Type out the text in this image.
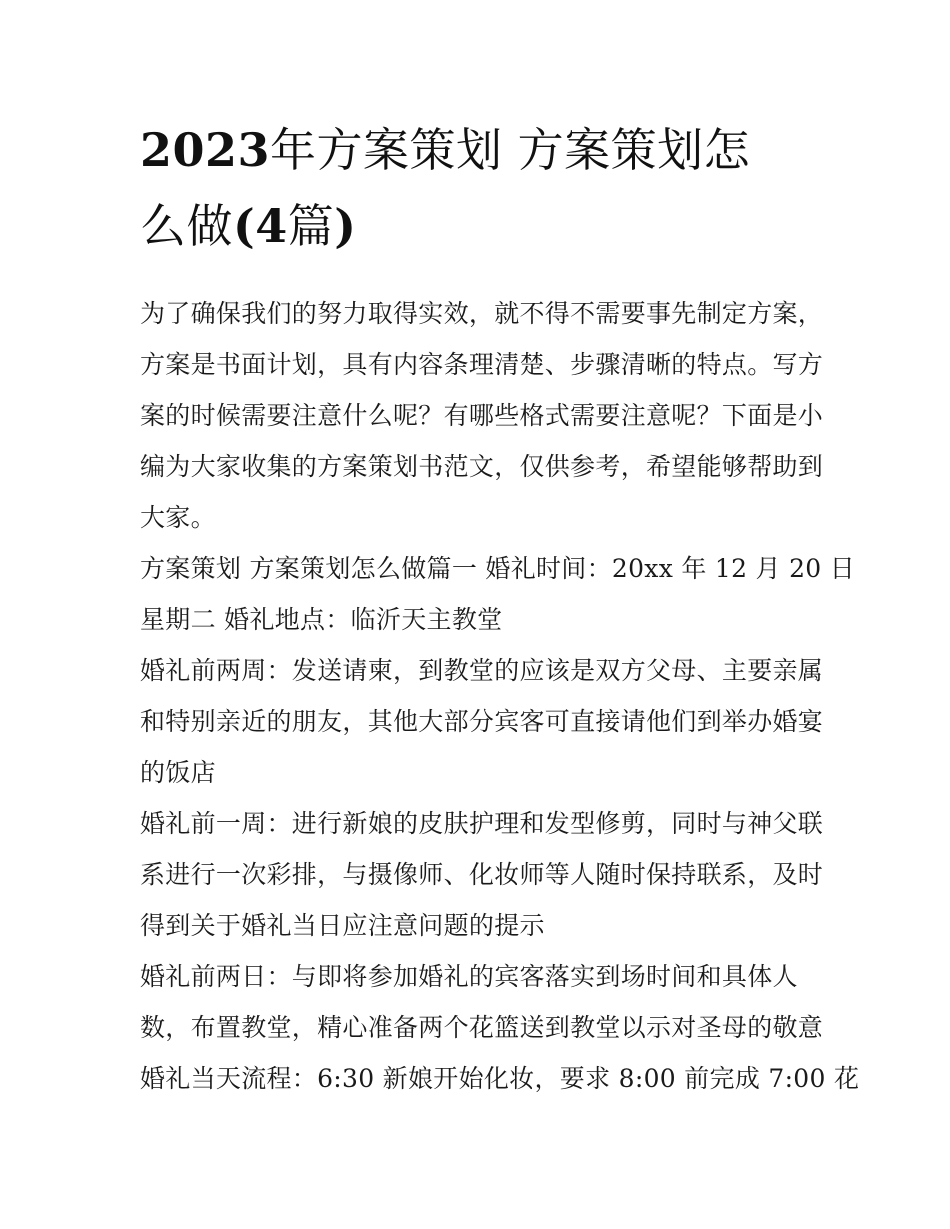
2023年方案策划 方案策划怎
么做(4篇)

为了确保我们的努力取得实效，就不得不需要事先制定方案，
方案是书面计划，具有内容条理清楚、步骤清晰的特点。写方
案的时候需要注意什么呢？有哪些格式需要注意呢？下面是小
编为大家收集的方案策划书范文，仅供参考，希望能够帮助到
大家。

方案策划 方案策划怎么做篇一 婚礼时间：20xx 年 12 月 20 日
星期二 婚礼地点：临沂天主教堂

婚礼前两周：发送请柬，到教堂的应该是双方父母、主要亲属
和特别亲近的朋友，其他大部分宾客可直接请他们到举办婚宴
的饭店

婚礼前一周：进行新娘的皮肤护理和发型修剪，同时与神父联
系进行一次彩排，与摄像师、化妆师等人随时保持联系，及时
得到关于婚礼当日应注意问题的提示

婚礼前两日：与即将参加婚礼的宾客落实到场时间和具体人
数，布置教堂，精心准备两个花篮送到教堂以示对圣母的敬意

婚礼当天流程：6:30 新娘开始化妆，要求 8:00 前完成 7:00 花
